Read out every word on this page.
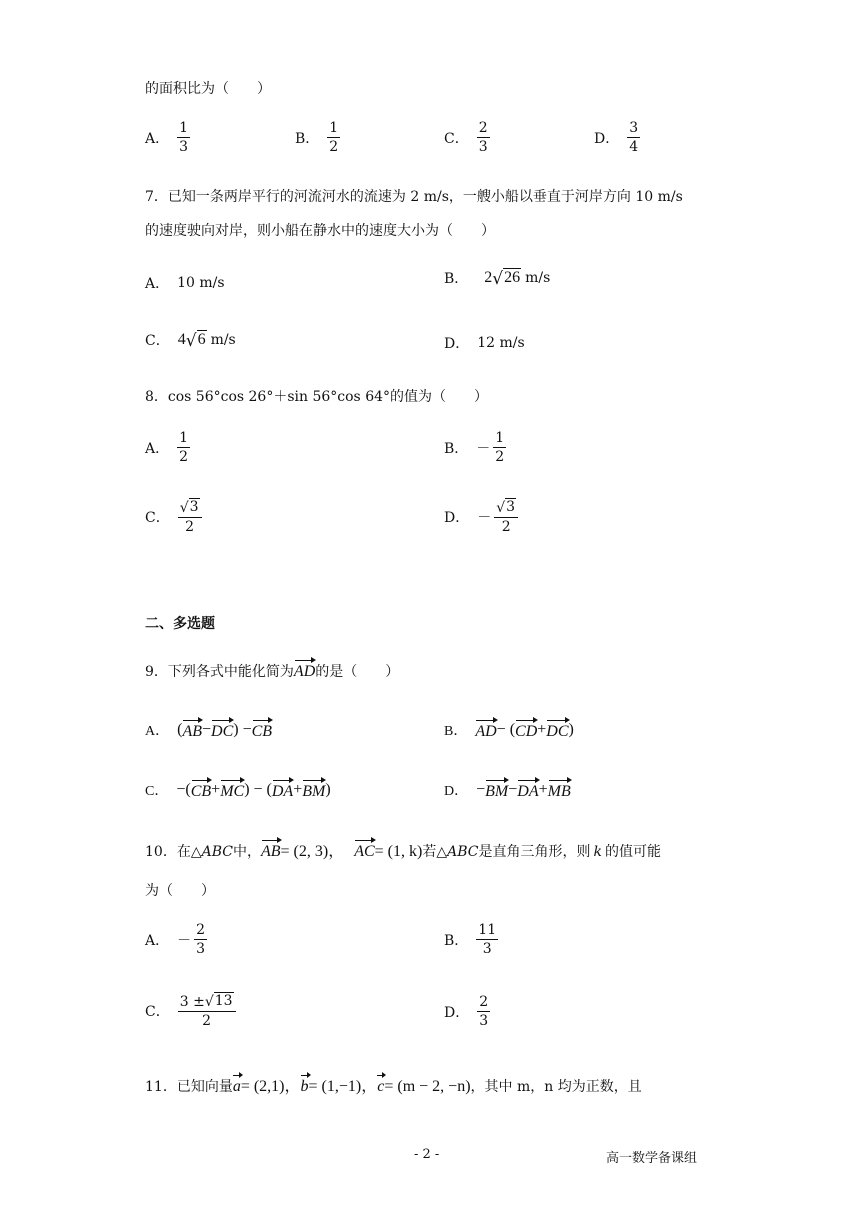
的面积比为（　　）
A． $\frac{1}{3}$	B． $\frac{1}{2}$	C． $\frac{2}{3}$	D． $\frac{3}{4}$
7．已知一条两岸平行的河流河水的流速为 2 m/s，一艘小船以垂直于河岸方向 10 m/s
的速度驶向对岸，则小船在静水中的速度大小为（　　）
A． 10 m/s	B． 2 √ 26 m/s
C． 4 √ 6 m/s	D． 12 m/s
8．cos 56°cos 26°＋sin 56°cos 64°的值为（　　）
A． $\frac{1}{2}$	B． － $\frac{1}{2}$
C． $\frac{√ 3}{2}$	D． － $\frac{√ 3}{2}$
二、多选题
9．下列各式中能化简为AD的是（　　）
A． ( AB − DC ) − CB	B． AD − ( CD + DC )
C． −( CB + MC ) − ( DA + BM )	D． − BM − DA + MB
10．在△ABC中，AB= (2, 3)， AC= (1, k)若△ABC是直角三角形，则 k 的值可能
为（　　）
A． － $\frac{2}{3}$	B． $\frac{11}{3}$
C． $\frac{3 \pm √ 13}{2}$	D． $\frac{2}{3}$
11．已知向量a= (2,1)，b= (1,−1)，c= (m − 2, −n)，其中 m，n 均为正数，且
- 2 -	高一数学备课组
